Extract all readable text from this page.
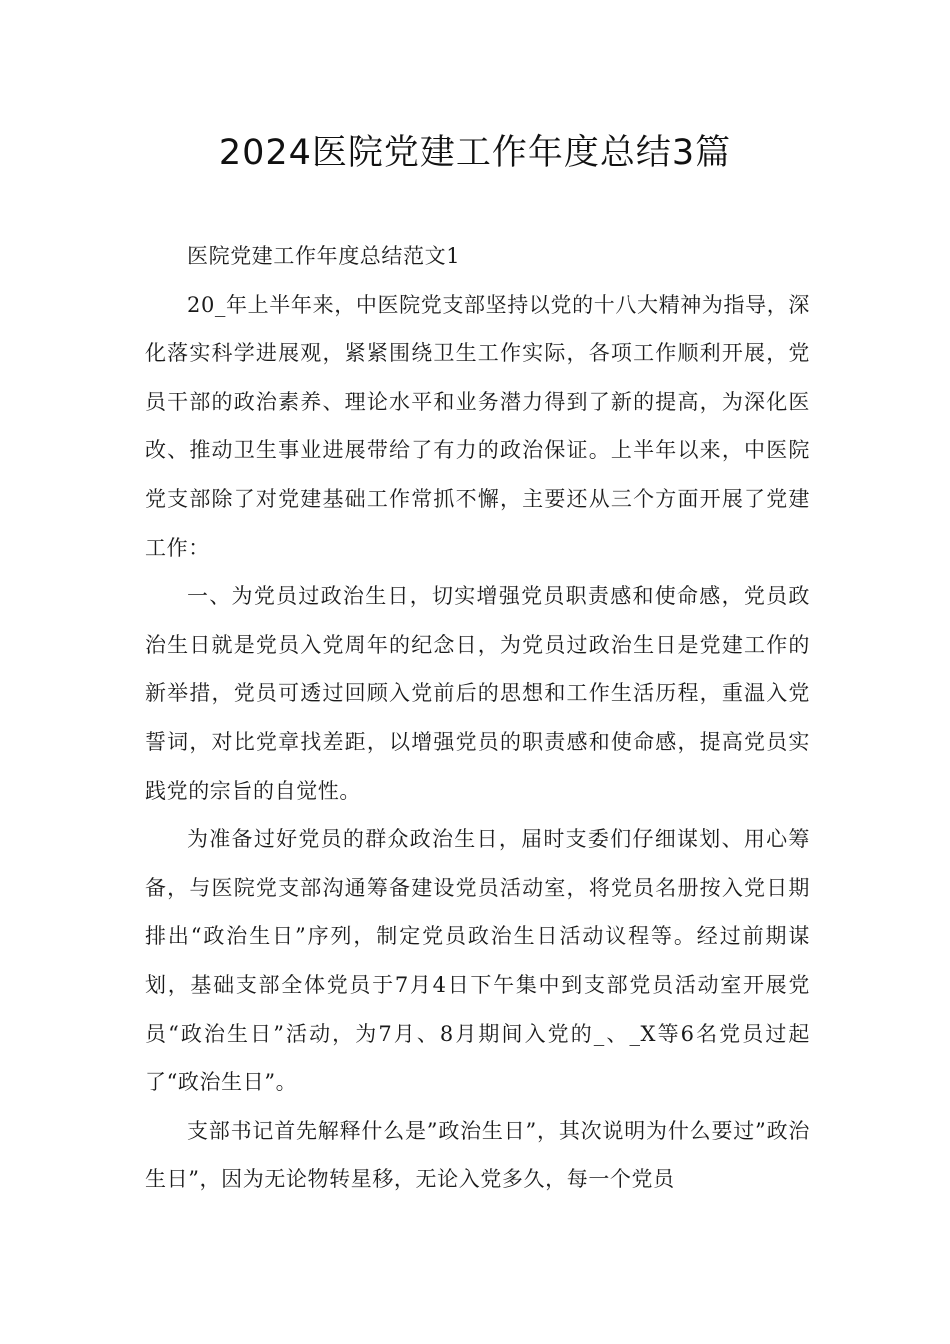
2024医院党建工作年度总结3篇

医院党建工作年度总结范文1

20_年上半年来，中医院党支部坚持以党的十八大精神为指导，深化落实科学进展观，紧紧围绕卫生工作实际，各项工作顺利开展，党员干部的政治素养、理论水平和业务潜力得到了新的提高，为深化医改、推动卫生事业进展带给了有力的政治保证。上半年以来，中医院党支部除了对党建基础工作常抓不懈，主要还从三个方面开展了党建工作：

一、为党员过政治生日，切实增强党员职责感和使命感，党员政治生日就是党员入党周年的纪念日，为党员过政治生日是党建工作的新举措，党员可透过回顾入党前后的思想和工作生活历程，重温入党誓词，对比党章找差距，以增强党员的职责感和使命感，提高党员实践党的宗旨的自觉性。

为准备过好党员的群众政治生日，届时支委们仔细谋划、用心筹备，与医院党支部沟通筹备建设党员活动室，将党员名册按入党日期排出“政治生日”序列，制定党员政治生日活动议程等。经过前期谋划，基础支部全体党员于7月4日下午集中到支部党员活动室开展党员“政治生日”活动，为7月、8月期间入党的_、_X等6名党员过起了“政治生日”。

支部书记首先解释什么是”政治生日”，其次说明为什么要过”政治生日”，因为无论物转星移，无论入党多久，每一个党员
